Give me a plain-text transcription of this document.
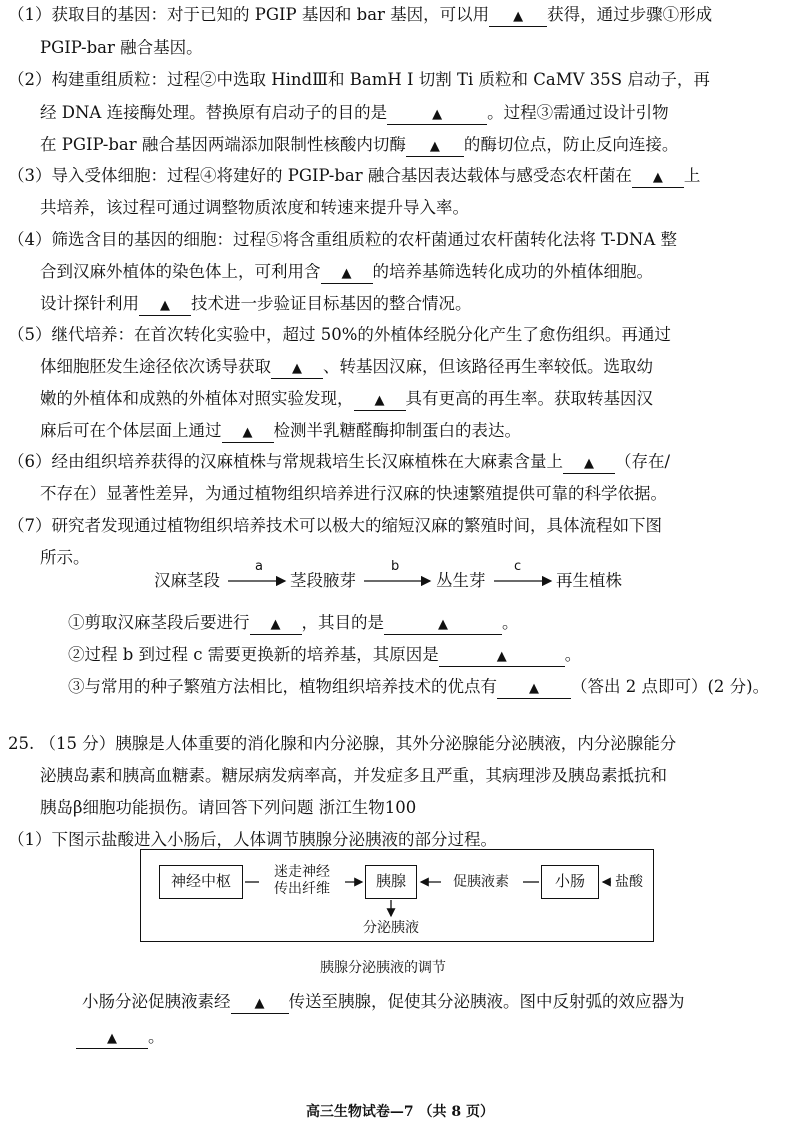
（1）获取目的基因：对于已知的 PGIP 基因和 bar 基因，可以用 ▲ 获得，通过步骤①形成
PGIP-bar 融合基因。
（2）构建重组质粒：过程②中选取 HindⅢ和 BamH Ⅰ 切割 Ti 质粒和 CaMV 35S 启动子，再
经 DNA 连接酶处理。替换原有启动子的目的是	▲	。过程③需通过设计引物
在 PGIP-bar 融合基因两端添加限制性核酸内切酶 ▲ 的酶切位点，防止反向连接。
（3）导入受体细胞：过程④将建好的 PGIP-bar 融合基因表达载体与感受态农杆菌在 ▲ 上
共培养，该过程可通过调整物质浓度和转速来提升导入率。
（4）筛选含目的基因的细胞：过程⑤将含重组质粒的农杆菌通过农杆菌转化法将 T-DNA 整
合到汉麻外植体的染色体上，可利用含 ▲ 的培养基筛选转化成功的外植体细胞。
设计探针利用 ▲ 技术进一步验证目标基因的整合情况。
（5）继代培养：在首次转化实验中，超过 50%的外植体经脱分化产生了愈伤组织。再通过
体细胞胚发生途径依次诱导获取 ▲ 、转基因汉麻，但该路径再生率较低。选取幼
嫩的外植体和成熟的外植体对照实验发现， ▲ 具有更高的再生率。获取转基因汉
麻后可在个体层面上通过 ▲ 检测半乳糖醛酶抑制蛋白的表达。
（6）经由组织培养获得的汉麻植株与常规栽培生长汉麻植株在大麻素含量上 ▲ （存在/
不存在）显著性差异，为通过植物组织培养进行汉麻的快速繁殖提供可靠的科学依据。
（7）研究者发现通过植物组织培养技术可以极大的缩短汉麻的繁殖时间，具体流程如下图
所示。
汉麻茎段
a
茎段腋芽
b
丛生芽
c
再生植株
①剪取汉麻茎段后要进行 ▲ ，其目的是	▲	。
②过程 b 到过程 c 需要更换新的培养基，其原因是	▲	。
③与常用的种子繁殖方法相比，植物组织培养技术的优点有 ▲ （答出 2 点即可）(2 分)。
25. （15 分）胰腺是人体重要的消化腺和内分泌腺，其外分泌腺能分泌胰液，内分泌腺能分
泌胰岛素和胰高血糖素。糖尿病发病率高，并发症多且严重，其病理涉及胰岛素抵抗和
胰岛β细胞功能损伤。请回答下列问题 浙江生物100
（1）下图示盐酸进入小肠后，人体调节胰腺分泌胰液的部分过程。
神经中枢	迷走神经
传出纤维	胰腺	促胰液素	小肠	盐酸
分泌胰液
胰腺分泌胰液的调节
小肠分泌促胰液素经 ▲ 传送至胰腺，促使其分泌胰液。图中反射弧的效应器为
▲ 。
高三生物试卷—7 （共 8 页）
